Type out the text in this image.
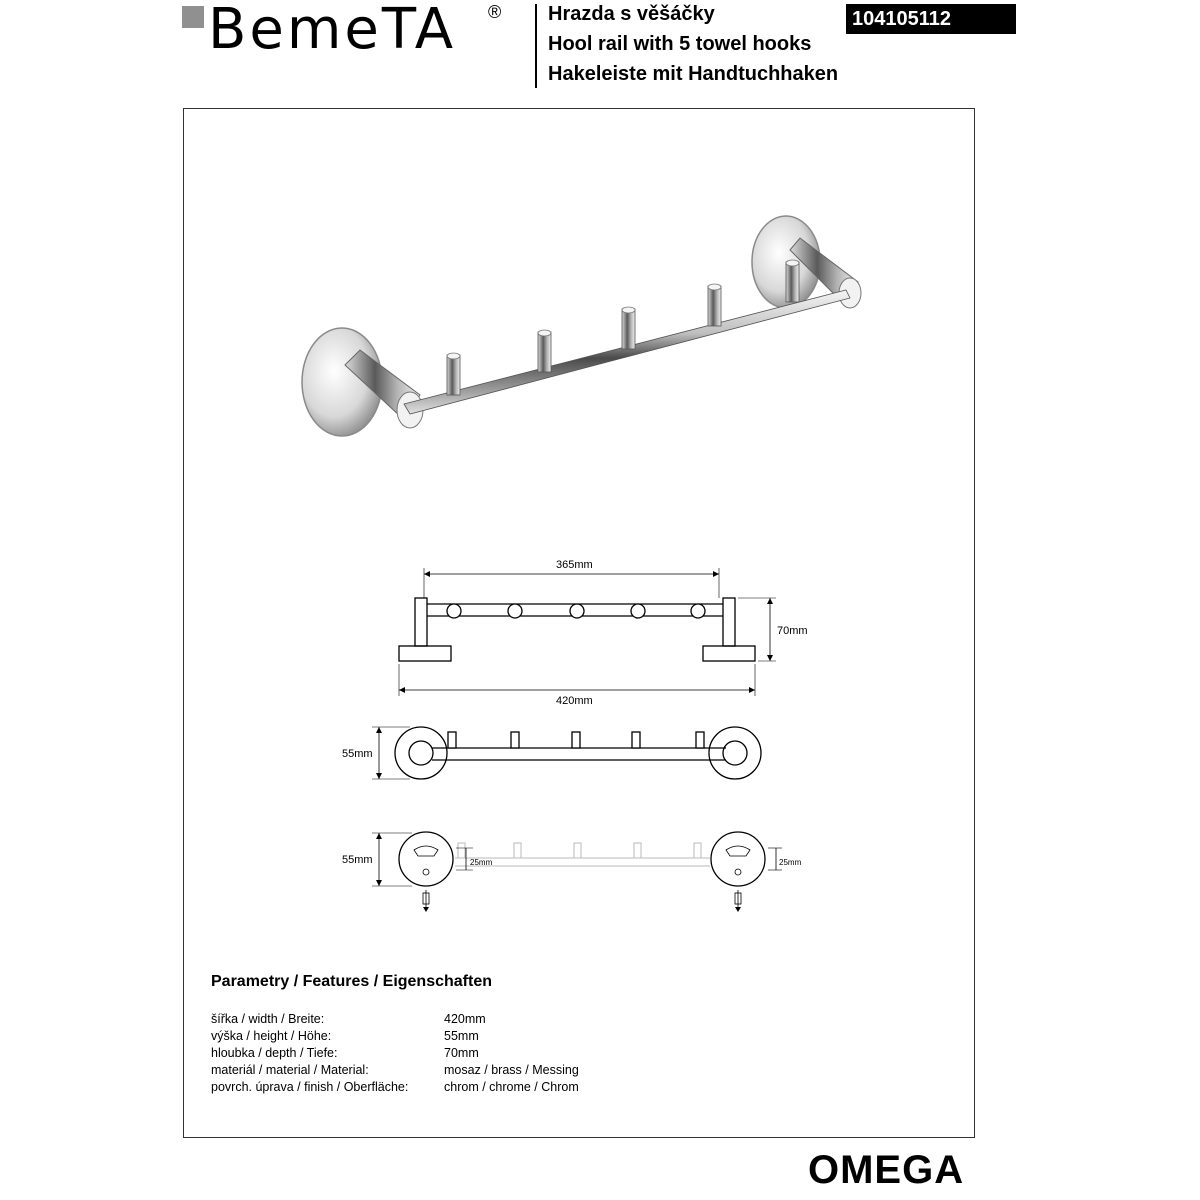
BemeTA ® Hrazda s věšáčky
Hool rail with 5 towel hooks
Hakeleiste mit Handtuchhaken
104105112
365mm
70mm
420mm
55mm
55mm	25mm	25mm
Parametry / Features / Eigenschaften
šířka / width / Breite:	420mm
výška / height / Höhe:	55mm
hloubka / depth / Tiefe:	70mm
materiál / material / Material:	mosaz / brass / Messing
povrch. úprava / finish / Oberfläche:	chrom / chrome / Chrom
OMEGA
